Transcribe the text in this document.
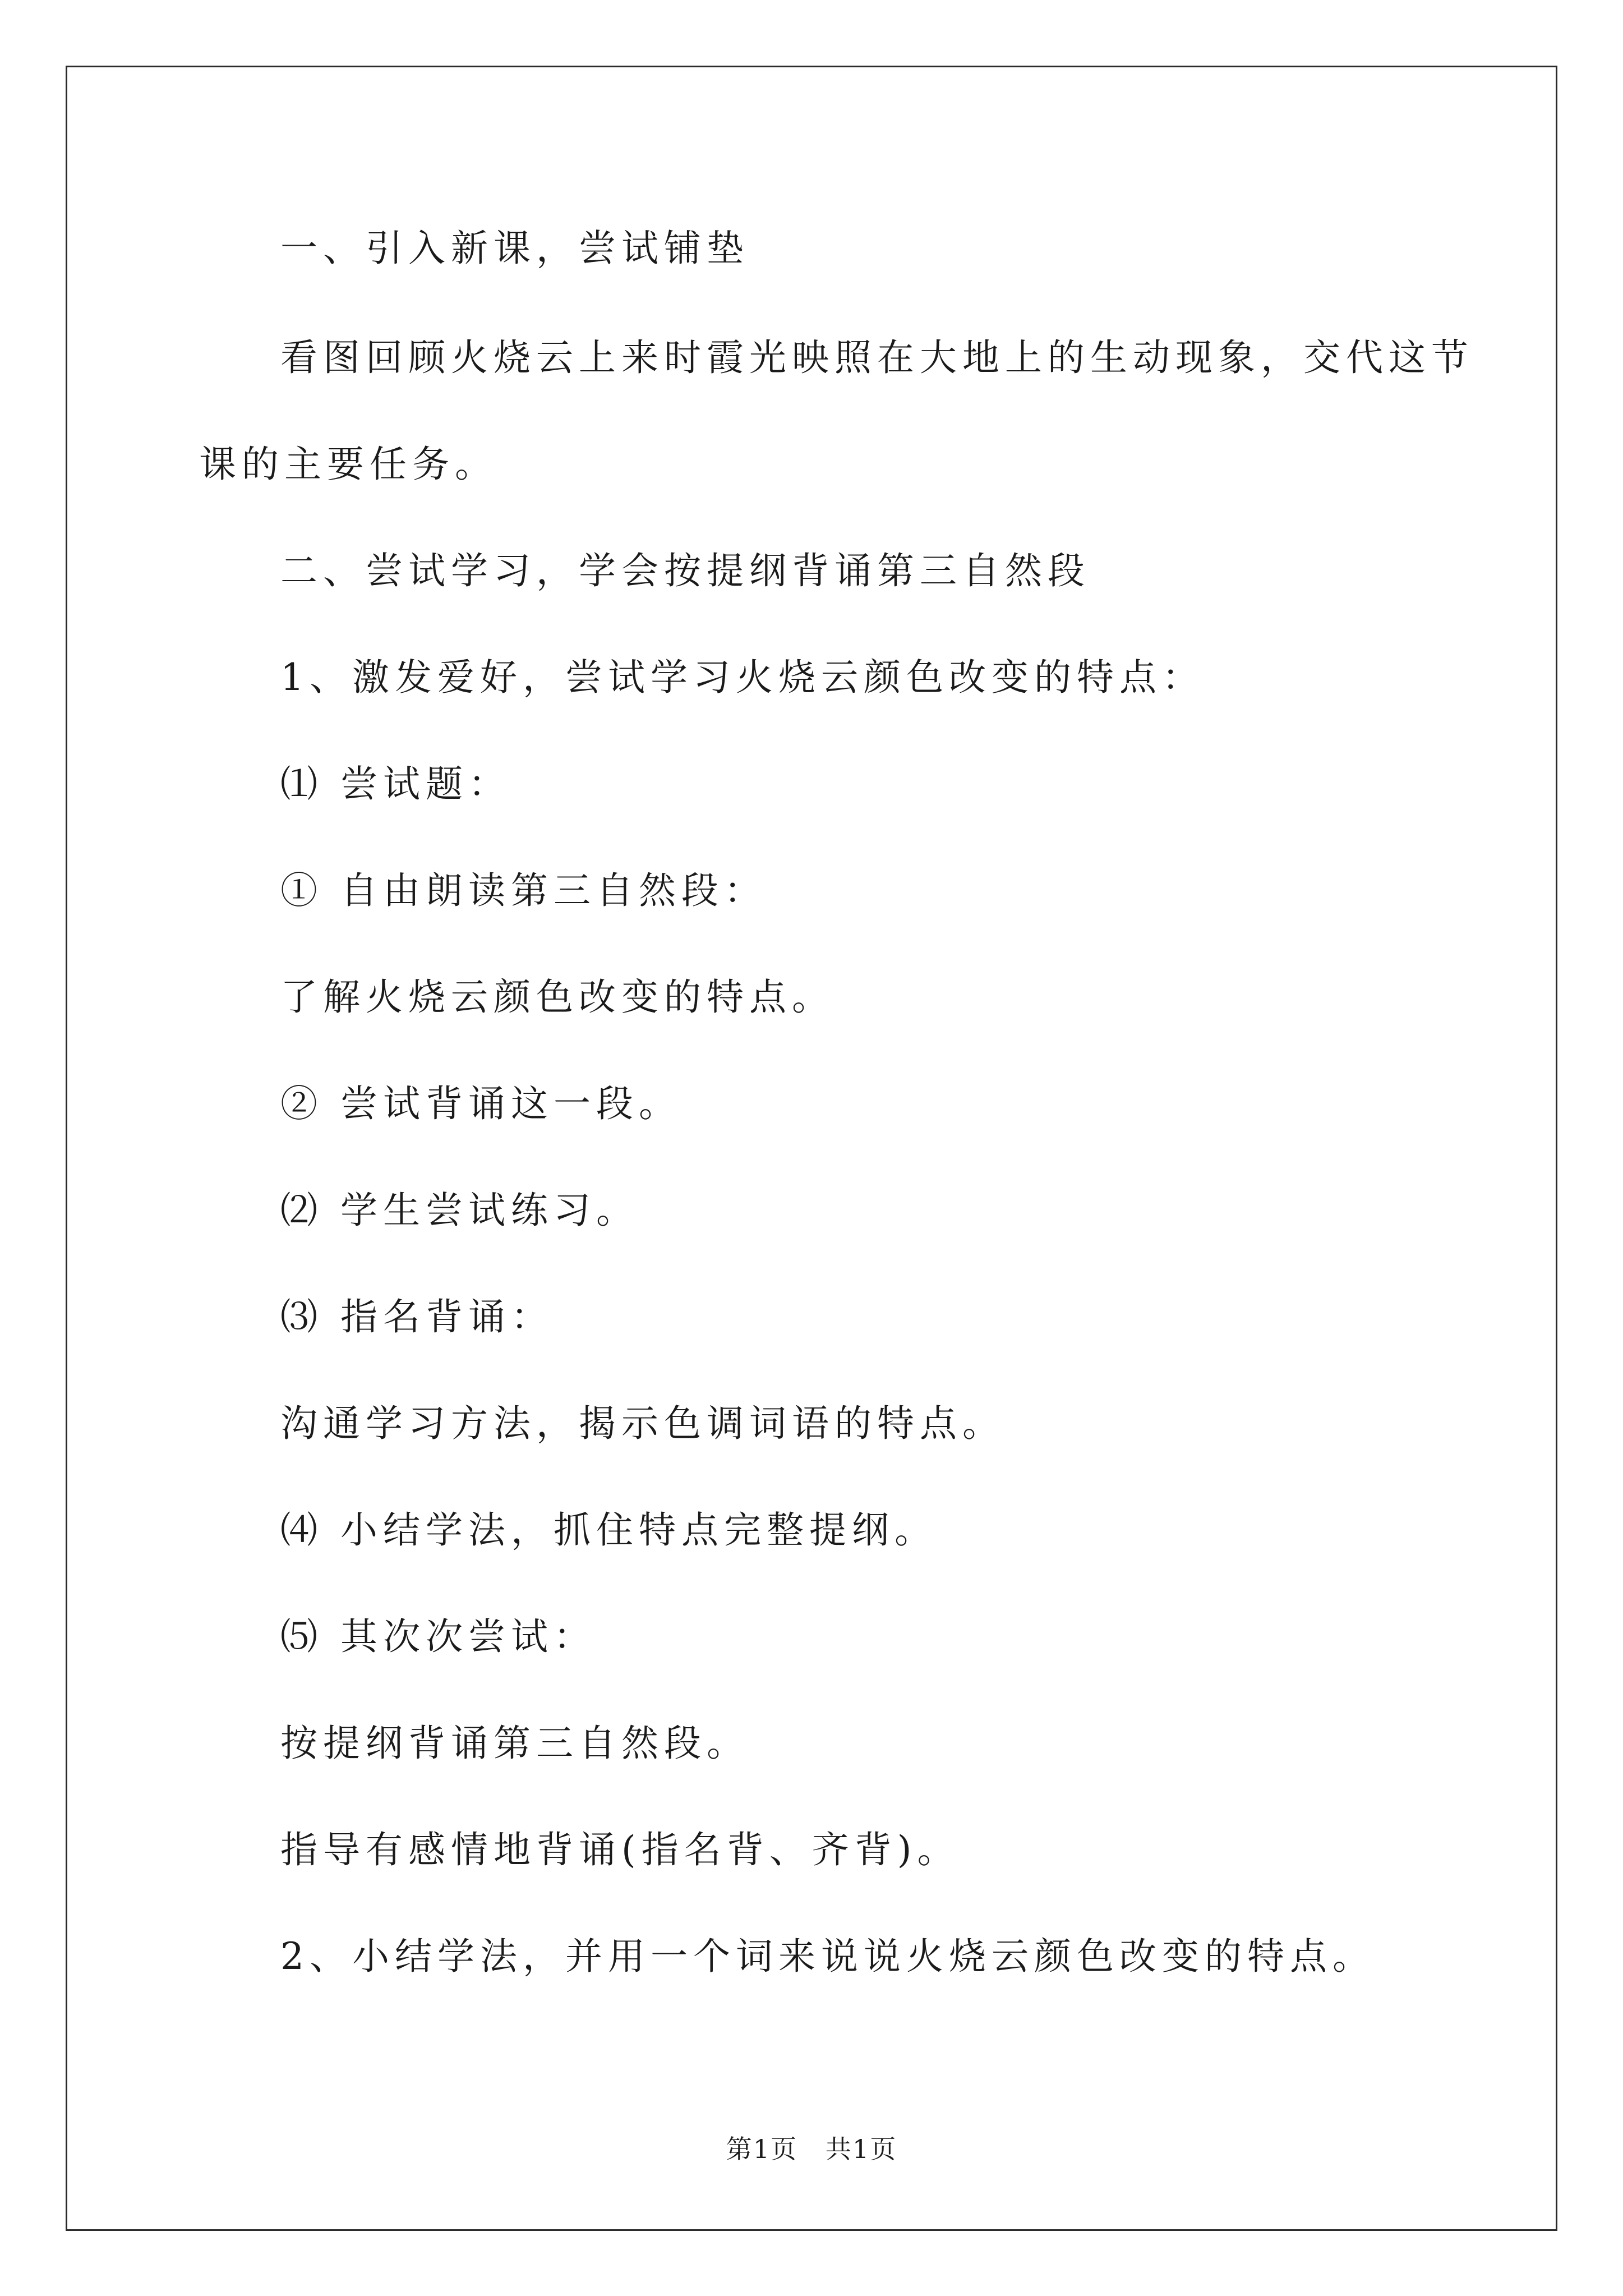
一、引入新课，尝试铺垫

看图回顾火烧云上来时霞光映照在大地上的生动现象，交代这节

课的主要任务。

二、尝试学习，学会按提纲背诵第三自然段

1、激发爱好，尝试学习火烧云颜色改变的特点：

⑴ 尝试题：

① 自由朗读第三自然段：

了解火烧云颜色改变的特点。

② 尝试背诵这一段。

⑵ 学生尝试练习。

⑶ 指名背诵：

沟通学习方法，揭示色调词语的特点。

⑷ 小结学法，抓住特点完整提纲。

⑸ 其次次尝试：

按提纲背诵第三自然段。

指导有感情地背诵(指名背、齐背)。

2、小结学法，并用一个词来说说火烧云颜色改变的特点。

第1页   共1页
